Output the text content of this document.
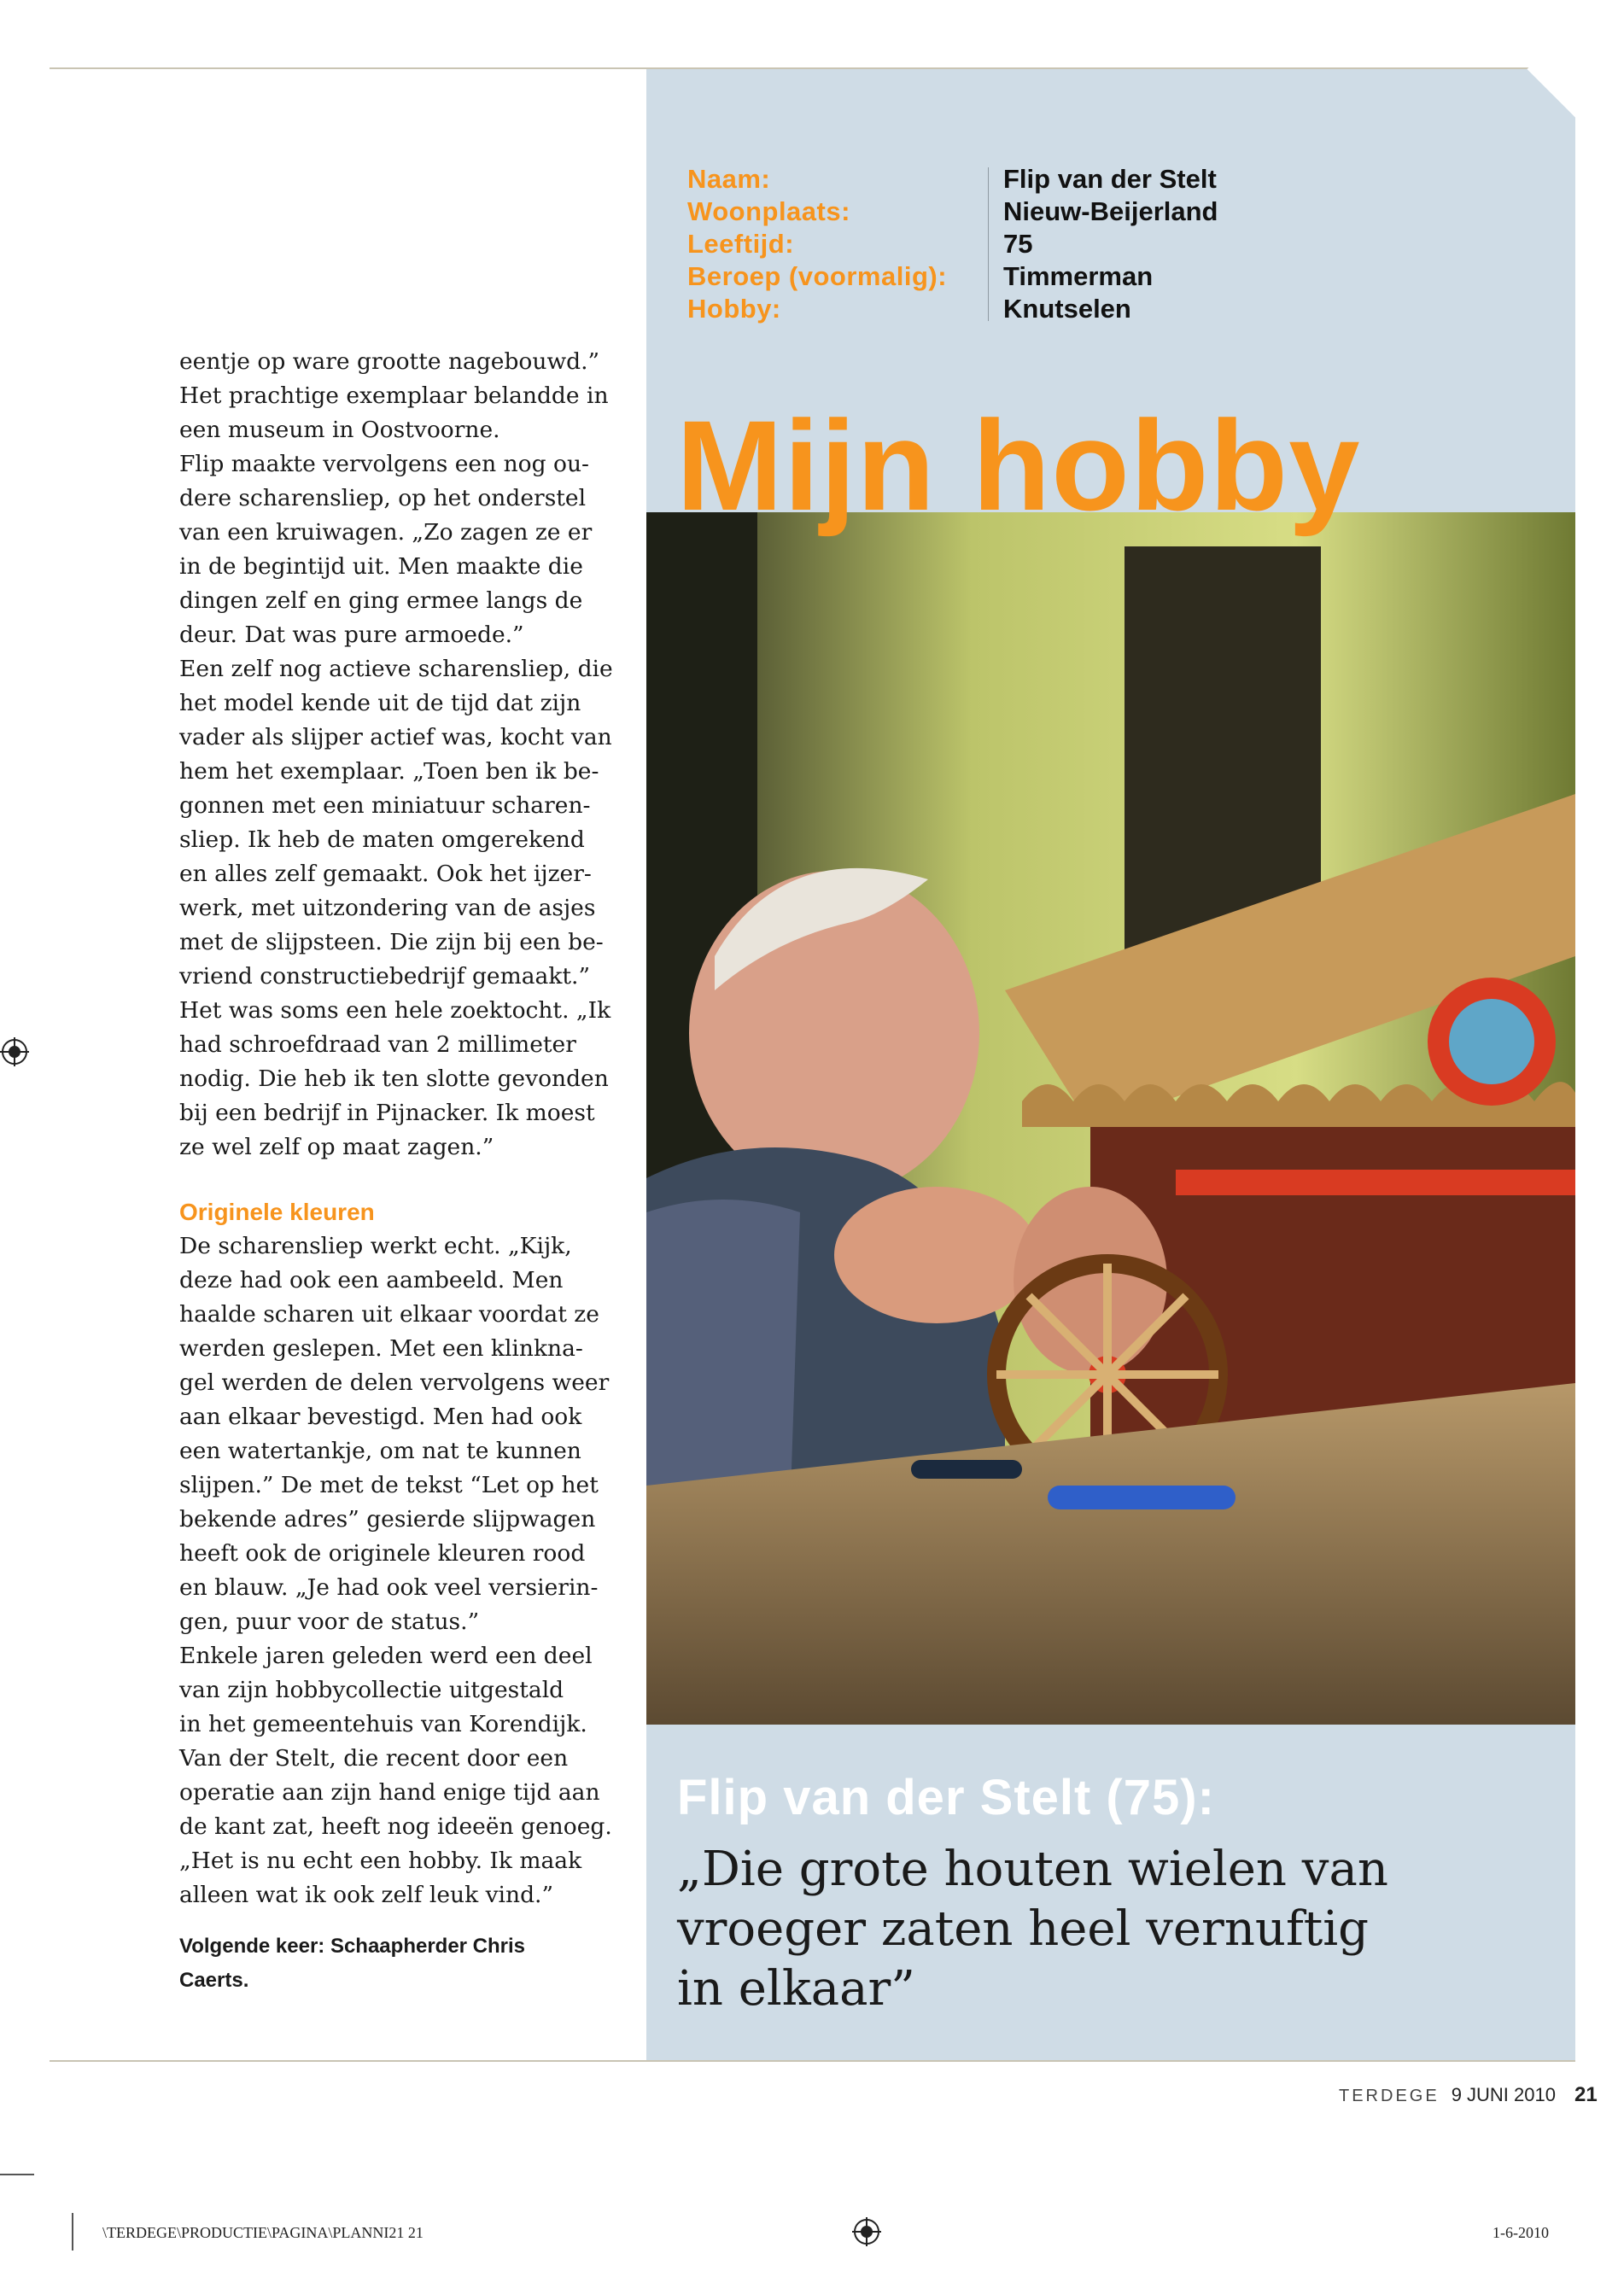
Naam:	Flip van der Stelt
Woonplaats:	Nieuw-Beijerland
Leeftijd:	75
Beroep (voormalig): Timmerman
Hobby:	Knutselen
Mijn hobby

eentje op ware grootte nagebouwd.”

Het prachtige exemplaar belandde in

een museum in Oostvoorne.

Flip maakte vervolgens een nog ou-

dere scharensliep, op het onderstel

van een kruiwagen. „Zo zagen ze er

in de begintijd uit. Men maakte die

dingen zelf en ging ermee langs de

deur. Dat was pure armoede.”

Een zelf nog actieve scharensliep, die

het model kende uit de tijd dat zijn

vader als slijper actief was, kocht van

hem het exemplaar. „Toen ben ik be-

gonnen met een miniatuur scharen-

sliep. Ik heb de maten omgerekend

en alles zelf gemaakt. Ook het ijzer-

werk, met uitzondering van de asjes

met de slijpsteen. Die zijn bij een be-

vriend constructiebedrijf gemaakt.”

Het was soms een hele zoektocht. „Ik

had schroefdraad van 2 millimeter

nodig. Die heb ik ten slotte gevonden

bij een bedrijf in Pijnacker. Ik moest

ze wel zelf op maat zagen.”

Originele kleuren

De scharensliep werkt echt. „Kijk,

deze had ook een aambeeld. Men

haalde scharen uit elkaar voordat ze

werden geslepen. Met een klinkna-

gel werden de delen vervolgens weer

aan elkaar bevestigd. Men had ook

een watertankje, om nat te kunnen

slijpen.” De met de tekst “Let op het

bekende adres” gesierde slijpwagen

heeft ook de originele kleuren rood

en blauw. „Je had ook veel versierin-

gen, puur voor de status.”

Enkele jaren geleden werd een deel

van zijn hobbycollectie uitgestald

in het gemeentehuis van Korendijk.

Van der Stelt, die recent door een

operatie aan zijn hand enige tijd aan

de kant zat, heeft nog ideeën genoeg.

„Het is nu echt een hobby. Ik maak

alleen wat ik ook zelf leuk vind.”

Volgende keer: Schaapherder Chris
Caerts.

Flip van der Stelt (75):

„Die grote houten wielen van
vroeger zaten heel vernuftig
in elkaar”

TERDEGE 9 JUNI 2010 21
\TERDEGE\PRODUCTIE\PAGINA\PLANNI21 21	1-6-2010
